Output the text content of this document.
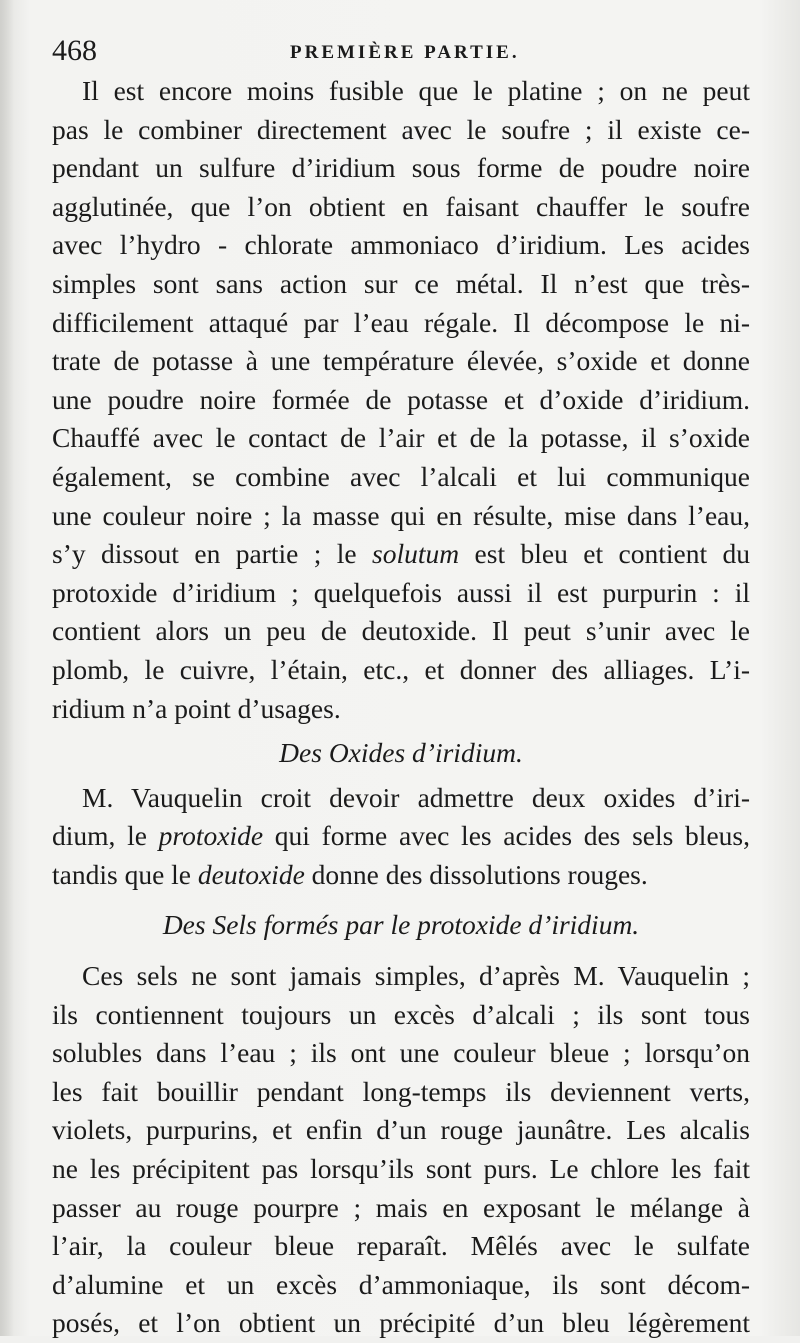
468	PREMIÈRE PARTIE.

Il est encore moins fusible que le platine ; on ne peut
pas le combiner directement avec le soufre ; il existe ce-
pendant un sulfure d’iridium sous forme de poudre noire
agglutinée, que l’on obtient en faisant chauffer le soufre
avec l’hydro - chlorate ammoniaco d’iridium. Les acides
simples sont sans action sur ce métal. Il n’est que très-
difficilement attaqué par l’eau régale. Il décompose le ni-
trate de potasse à une température élevée, s’oxide et donne
une poudre noire formée de potasse et d’oxide d’iridium.
Chauffé avec le contact de l’air et de la potasse, il s’oxide
également, se combine avec l’alcali et lui communique
une couleur noire ; la masse qui en résulte, mise dans l’eau,
s’y dissout en partie ; le solutum est bleu et contient du
protoxide d’iridium ; quelquefois aussi il est purpurin : il
contient alors un peu de deutoxide. Il peut s’unir avec le
plomb, le cuivre, l’étain, etc., et donner des alliages. L’i-
ridium n’a point d’usages.

Des Oxides d’iridium.

M. Vauquelin croit devoir admettre deux oxides d’iri-
dium, le protoxide qui forme avec les acides des sels bleus,
tandis que le deutoxide donne des dissolutions rouges.

Des Sels formés par le protoxide d’iridium.

Ces sels ne sont jamais simples, d’après M. Vauquelin ;
ils contiennent toujours un excès d’alcali ; ils sont tous
solubles dans l’eau ; ils ont une couleur bleue ; lorsqu’on
les fait bouillir pendant long-temps ils deviennent verts,
violets, purpurins, et enfin d’un rouge jaunâtre. Les alcalis
ne les précipitent pas lorsqu’ils sont purs. Le chlore les fait
passer au rouge pourpre ; mais en exposant le mélange à
l’air, la couleur bleue reparaît. Mêlés avec le sulfate
d’alumine et un excès d’ammoniaque, ils sont décom-
posés, et l’on obtient un précipité d’un bleu légèrement
